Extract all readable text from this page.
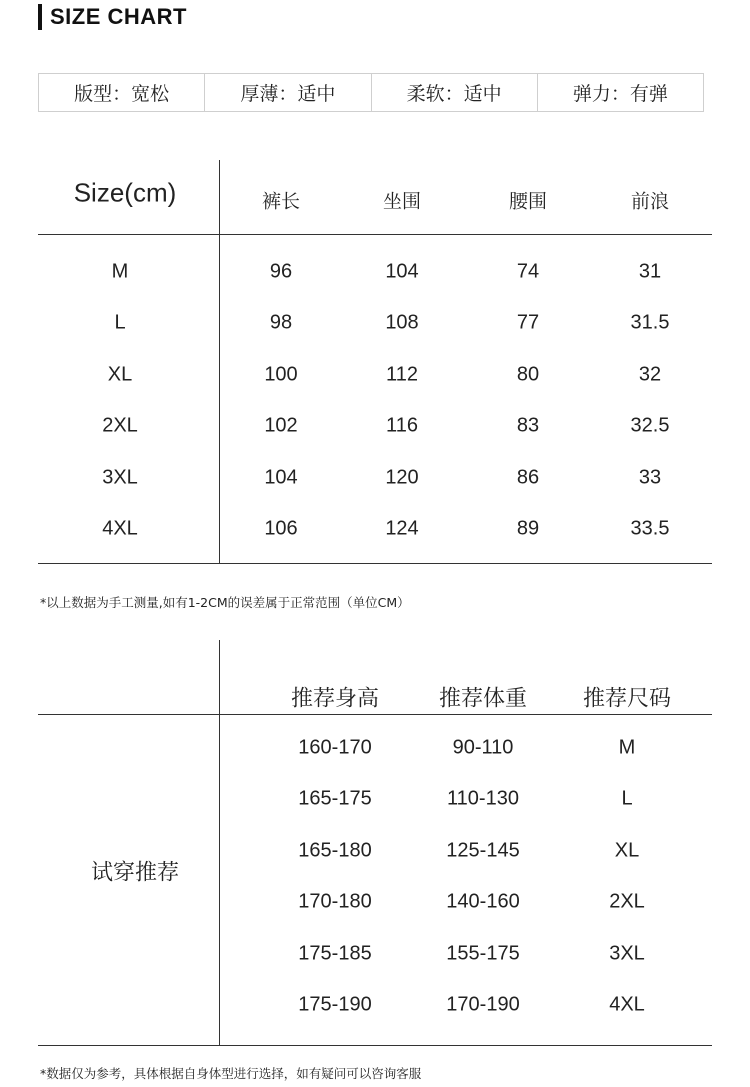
SIZE CHART
版型：宽松	厚薄：适中	柔软：适中	弹力：有弹
Size(cm)	裤长	坐围	腰围	前浪
M	96	104	74	31
L	98	108	77	31.5
XL	100	112	80	32
2XL	102	116	83	32.5
3XL	104	120	86	33
4XL	106	124	89	33.5
*以上数据为手工测量,如有1-2CM的误差属于正常范围（单位CM）
推荐身高	推荐体重	推荐尺码
试穿推荐
160-170	90-110	M
165-175	110-130	L
165-180	125-145	XL
170-180	140-160	2XL
175-185	155-175	3XL
175-190	170-190	4XL
*数据仅为参考，具体根据自身体型进行选择，如有疑问可以咨询客服
